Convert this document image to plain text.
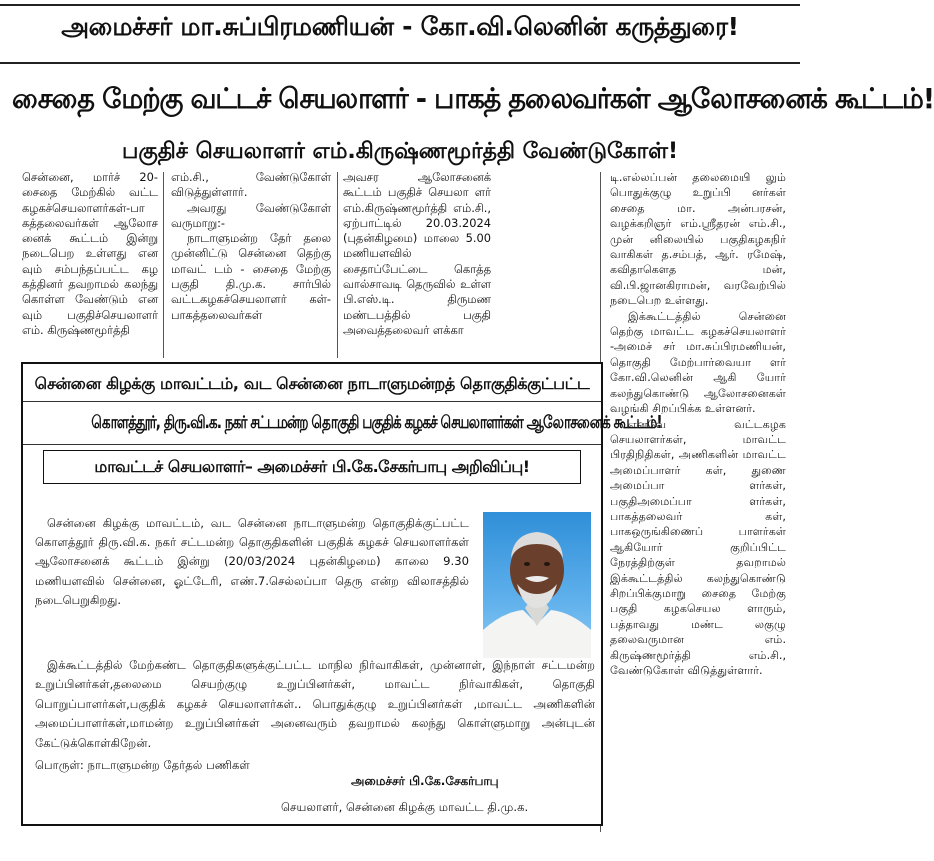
அமைச்சர் மா.சுப்பிரமணியன் - கோ.வி.லெனின் கருத்துரை!
சைதை மேற்கு வட்டச் செயலாளர் - பாகத் தலைவர்கள் ஆலோசனைக் கூட்டம்!
பகுதிச் செயலாளர் எம்.கிருஷ்ணமூர்த்தி வேண்டுகோள்!

சென்னை, மார்ச் 20- சைதை மேற்கில் வட்ட கழகச்செயலாளர்கள்-பா கத்தலைவர்கள் ஆலோச னைக் கூட்டம் இன்று நடைபெற உள்ளது என வும் சம்பந்தப்பட்ட கழ கத்தினர் தவறாமல் கலந்து கொள்ள வேண்டும் என வும் பகுதிச்செயலாளர் எம். கிருஷ்ணமூர்த்தி

எம்.சி., வேண்டுகோள் விடுத்துள்ளார்.

அவரது வேண்டுகோள் வருமாறு:-

நாடாளுமன்ற தேர் தலை முன்னிட்டு சென்னை தெற்கு மாவட் டம் - சைதை மேற்கு பகுதி தி.மு.க. சார்பில் வட்டகழகச்செயலாளர் கள்-பாகத்தலைவர்கள்

அவசர ஆலோசனைக் கூட்டம் பகுதிச் செயலா ளர் எம்.கிருஷ்ணமூர்த்தி எம்.சி., ஏற்பாட்டில் 20.03.2024 (புதன்கிழமை) மாலை 5.00 மணியளவில் சைதாப்பேட்டை கொத்த வால்சாவடி தெருவில் உள்ள பி.எஸ்.டி. திருமண மண்டபத்தில் பகுதி அவைத்தலைவர் ளக்கா

டி.எல்லப்பன் தலைமையி லும் பொதுக்குழு உறுப்பி னர்கள் சைதை மா. அன்பரசன், வழக்கறிஞர் எம்.ஸ்ரீதரன் எம்.சி., முன் னிலையில் பகுதிகழகநிர் வாகிகள் த.சம்பத், ஆர். ரமேஷ், கவிதாகௌத மன், வி.பி.ஜானகிராமன், வரவேற்பில் நடைபெற உள்ளது.

இக்கூட்டத்தில் சென்னை தெற்கு மாவட்ட கழகச்செயலாளர் -அமைச் சர் மா.சுப்பிரமணியன், தொகுதி மேற்பார்வையா ளர் கோ.வி.லெனின் ஆகி யோர் கலந்துகொண்டு ஆலோசனைகள் வழங்கி சிறப்பிக்க உள்ளனர்.

எனவே வட்டகழக செயலாளர்கள், மாவட்ட பிரதிநிதிகள், அணிகளின் மாவட்ட அமைப்பாளர் கள், துணை அமைப்பா ளர்கள், பகுதிஅமைப்பா ளர்கள், பாகத்தலைவர் கள், பாகஒருங்கிணைப் பாளர்கள் ஆகியோர் குறிப்பிட்ட நேரத்திற்குள் தவறாமல் இக்கூட்டத்தில் கலந்துகொண்டு சிறப்பிக்குமாறு சைதை மேற்கு பகுதி கழகசெயல ளாரும், பத்தாவது மண்ட லகுழு தலைவருமான எம். கிருஷ்ணமூர்த்தி எம்.சி., வேண்டுகோள் விடுத்துள்ளார்.

சென்னை கிழக்கு மாவட்டம், வட சென்னை நாடாளுமன்றத் தொகுதிக்குட்பட்ட
கொளத்தூர், திரு.வி.க. நகர் சட்டமன்ற தொகுதி பகுதிக் கழகச் செயலாளர்கள் ஆலோசனைக் கூட்டம்!
மாவட்டச் செயலாளர்– அமைச்சர் பி.கே.சேகர்பாபு அறிவிப்பு!

சென்னை கிழக்கு மாவட்டம், வட சென்னை நாடாளுமன்ற தொகுதிக்குட்பட்ட கொளத்தூர் திரு.வி.க. நகர் சட்டமன்ற தொகுதிகளின் பகுதிக் கழகச் செயலாளர்கள் ஆலோசனைக் கூட்டம் இன்று (20/03/2024 புதன்கிழமை) காலை 9.30 மணியளவில் சென்னை, ஓட்டேரி, எண்.7.செல்லப்பா தெரு என்ற விலாசத்தில் நடைபெறுகிறது.

இக்கூட்டத்தில் மேற்கண்ட தொகுதிகளுக்குட்பட்ட மாநில நிர்வாகிகள், முன்னாள், இந்நாள் சட்டமன்ற உறுப்பினர்கள்,தலைமை செயற்குழு உறுப்பினர்கள், மாவட்ட நிர்வாகிகள், தொகுதி பொறுப்பாளர்கள்,பகுதிக் கழகச் செயலாளர்கள்.. பொதுக்குழு உறுப்பினர்கள் ,மாவட்ட அணிகளின் அமைப்பாளர்கள்,மாமன்ற உறுப்பினர்கள் அனைவரும் தவறாமல் கலந்து கொள்ளுமாறு அன்புடன் கேட்டுக்கொள்கிறேன்.

பொருள்: நாடாளுமன்ற தேர்தல் பணிகள்
அமைச்சர் பி.கே.சேகர்பாபு
செயலாளர், சென்னை கிழக்கு மாவட்ட தி.மு.க.
